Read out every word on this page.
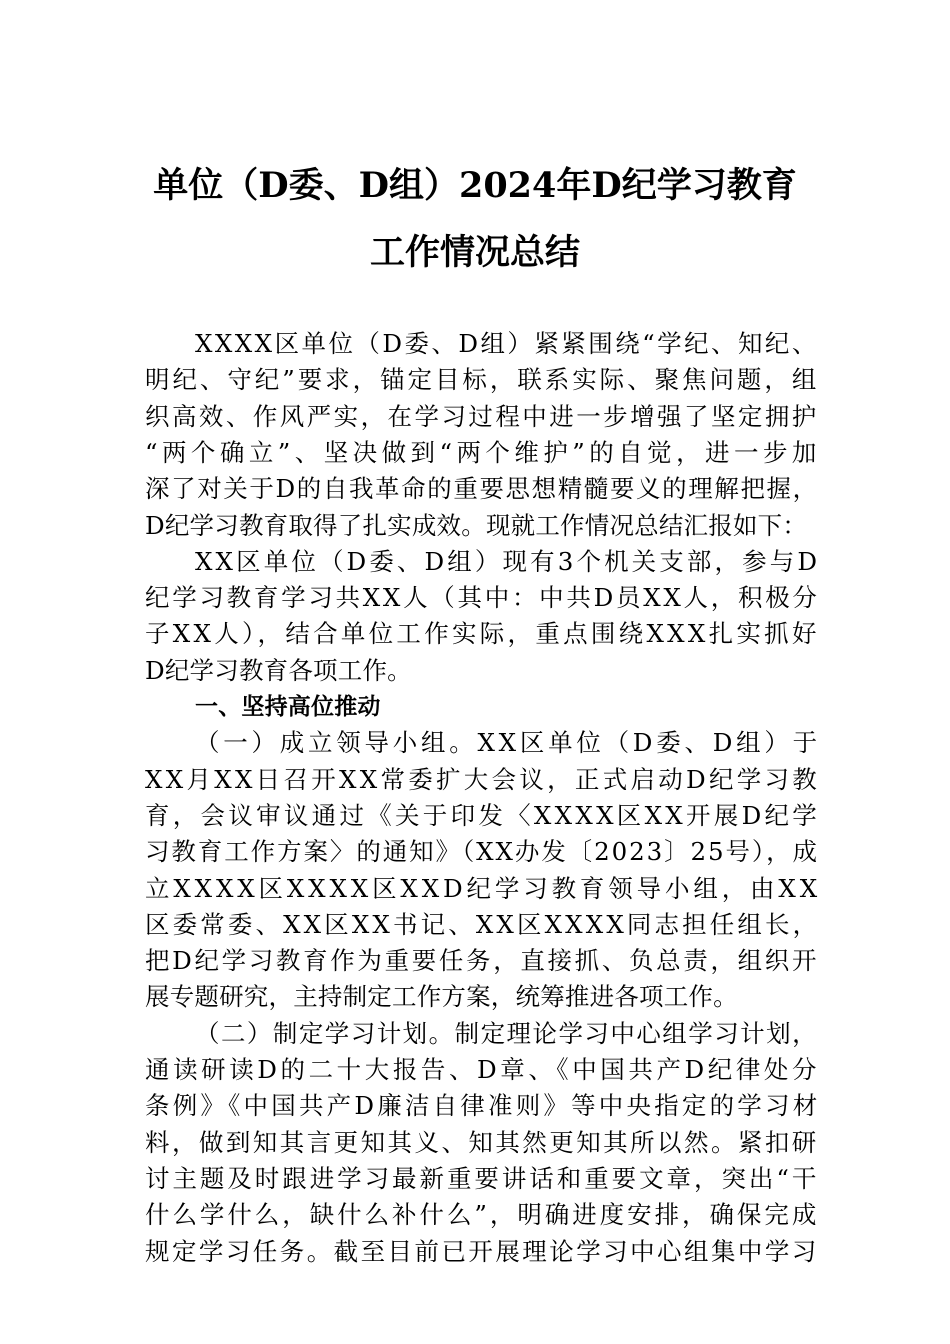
单位（D委、D组）2024年D纪学习教育
工作情况总结
XXXX区单位（D委、D组）紧紧围绕“学纪、知纪、
明纪、守纪”要求，锚定目标，联系实际、聚焦问题，组
织高效、作风严实，在学习过程中进一步增强了坚定拥护
“两个确立”、坚决做到“两个维护”的自觉，进一步加
深了对关于D的自我革命的重要思想精髓要义的理解把握，
D纪学习教育取得了扎实成效。现就工作情况总结汇报如下：
XX区单位（D委、D组）现有3个机关支部，参与D
纪学习教育学习共XX人（其中：中共D员XX人，积极分
子XX人），结合单位工作实际，重点围绕XXX扎实抓好
D纪学习教育各项工作。
一、坚持高位推动
（一）成立领导小组。XX区单位（D委、D组）于
XX月XX日召开XX常委扩大会议，正式启动D纪学习教
育，会议审议通过《关于印发〈XXXX区XX开展D纪学
习教育工作方案〉的通知》（XX办发〔2023〕25号），成
立XXXX区XXXX区XXD纪学习教育领导小组，由XX
区委常委、XX区XX书记、XX区XXXX同志担任组长，
把D纪学习教育作为重要任务，直接抓、负总责，组织开
展专题研究，主持制定工作方案，统筹推进各项工作。
（二）制定学习计划。制定理论学习中心组学习计划，
通读研读D的二十大报告、D章、《中国共产D纪律处分
条例》《中国共产D廉洁自律准则》等中央指定的学习材
料，做到知其言更知其义、知其然更知其所以然。紧扣研
讨主题及时跟进学习最新重要讲话和重要文章，突出“干
什么学什么，缺什么补什么”，明确进度安排，确保完成
规定学习任务。截至目前已开展理论学习中心组集中学习
